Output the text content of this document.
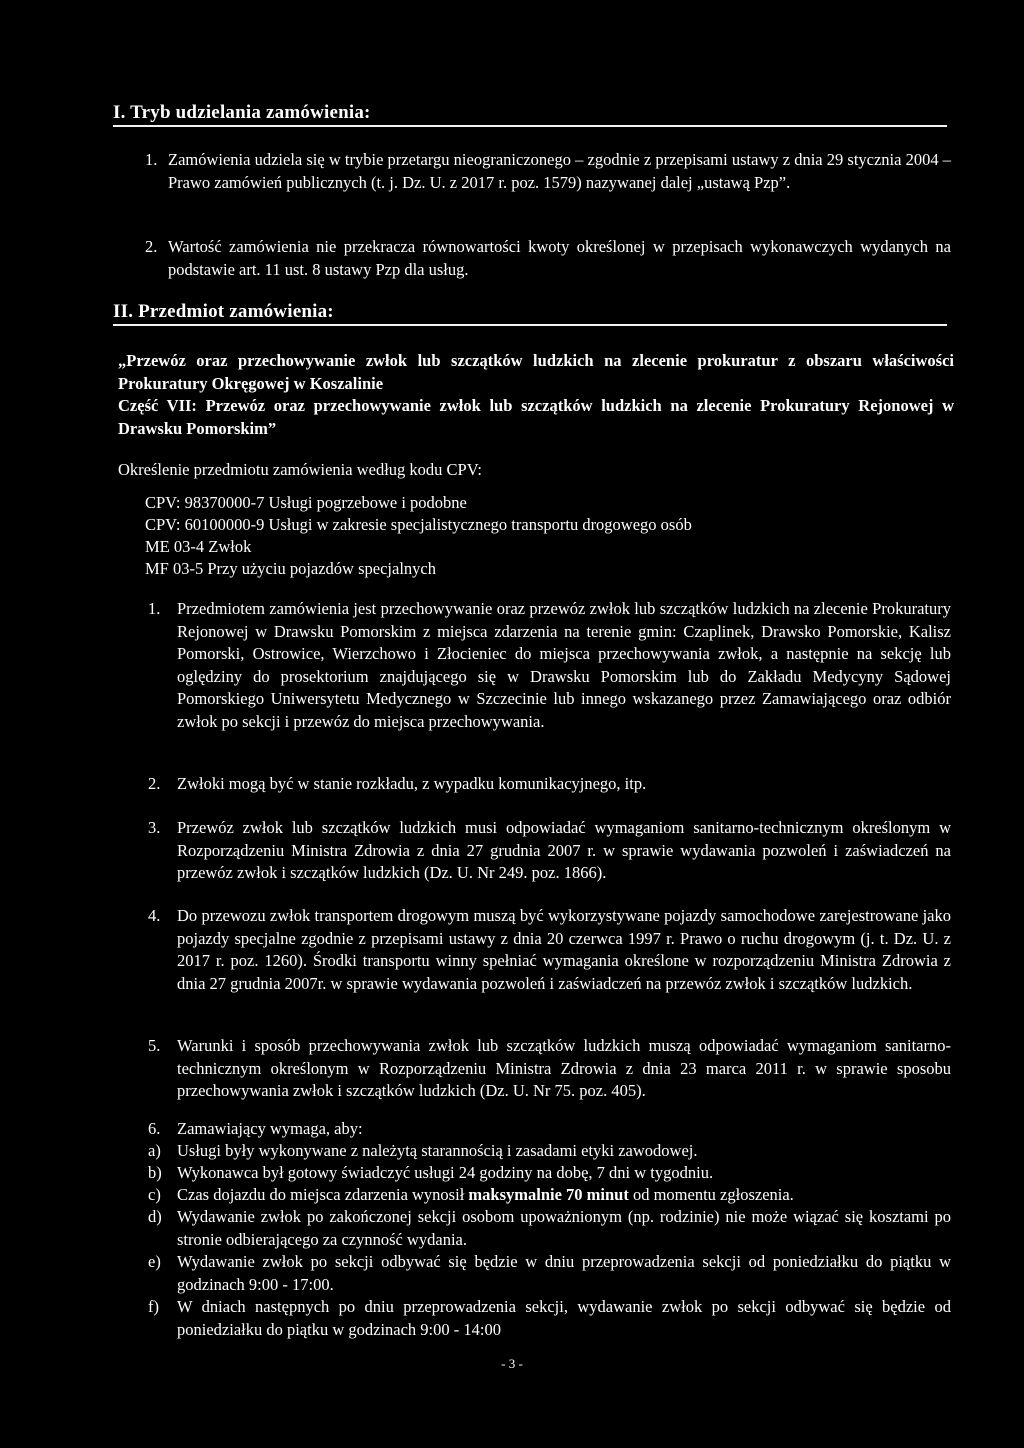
I. Tryb udzielania zamówienia:
1. Zamówienia udziela się w trybie przetargu nieograniczonego – zgodnie z przepisami ustawy z dnia 29 stycznia 2004 – Prawo zamówień publicznych (t. j. Dz. U. z 2017 r. poz. 1579) nazywanej dalej „ustawą Pzp”.
2. Wartość zamówienia nie przekracza równowartości kwoty określonej w przepisach wykonawczych wydanych na podstawie art. 11 ust. 8 ustawy Pzp dla usług.
II. Przedmiot zamówienia:
„Przewóz oraz przechowywanie zwłok lub szczątków ludzkich na zlecenie prokuratur z obszaru właściwości Prokuratury Okręgowej w Koszalinie
Część VII: Przewóz oraz przechowywanie zwłok lub szczątków ludzkich na zlecenie Prokuratury Rejonowej w Drawsku Pomorskim”
Określenie przedmiotu zamówienia według kodu CPV:
CPV: 98370000-7 Usługi pogrzebowe i podobne
CPV: 60100000-9 Usługi w zakresie specjalistycznego transportu drogowego osób
ME 03-4 Zwłok
MF 03-5 Przy użyciu pojazdów specjalnych
1. Przedmiotem zamówienia jest przechowywanie oraz przewóz zwłok lub szczątków ludzkich na zlecenie Prokuratury Rejonowej w Drawsku Pomorskim z miejsca zdarzenia na terenie gmin: Czaplinek, Drawsko Pomorskie, Kalisz Pomorski, Ostrowice, Wierzchowo i Złocieniec do miejsca przechowywania zwłok, a następnie na sekcję lub oględziny do prosektorium znajdującego się w Drawsku Pomorskim lub do Zakładu Medycyny Sądowej Pomorskiego Uniwersytetu Medycznego w Szczecinie lub innego wskazanego przez Zamawiającego oraz odbiór zwłok po sekcji i przewóz do miejsca przechowywania.
2. Zwłoki mogą być w stanie rozkładu, z wypadku komunikacyjnego, itp.
3. Przewóz zwłok lub szczątków ludzkich musi odpowiadać wymaganiom sanitarno-technicznym określonym w Rozporządzeniu Ministra Zdrowia z dnia 27 grudnia 2007 r. w sprawie wydawania pozwoleń i zaświadczeń na przewóz zwłok i szczątków ludzkich (Dz. U. Nr 249. poz. 1866).
4. Do przewozu zwłok transportem drogowym muszą być wykorzystywane pojazdy samochodowe zarejestrowane jako pojazdy specjalne zgodnie z przepisami ustawy z dnia 20 czerwca 1997 r. Prawo o ruchu drogowym (j. t. Dz. U. z 2017 r. poz. 1260). Środki transportu winny spełniać wymagania określone w rozporządzeniu Ministra Zdrowia z dnia 27 grudnia 2007r. w sprawie wydawania pozwoleń i zaświadczeń na przewóz zwłok i szczątków ludzkich.
5. Warunki i sposób przechowywania zwłok lub szczątków ludzkich muszą odpowiadać wymaganiom sanitarno-technicznym określonym w Rozporządzeniu Ministra Zdrowia z dnia 23 marca 2011 r. w sprawie sposobu przechowywania zwłok i szczątków ludzkich (Dz. U. Nr 75. poz. 405).
6. Zamawiający wymaga, aby:
a) Usługi były wykonywane z należytą starannością i zasadami etyki zawodowej.
b) Wykonawca był gotowy świadczyć usługi 24 godziny na dobę, 7 dni w tygodniu.
c) Czas dojazdu do miejsca zdarzenia wynosił maksymalnie 70 minut od momentu zgłoszenia.
d) Wydawanie zwłok po zakończonej sekcji osobom upoważnionym (np. rodzinie) nie może wiązać się kosztami po stronie odbierającego za czynność wydania.
e) Wydawanie zwłok po sekcji odbywać się będzie w dniu przeprowadzenia sekcji od poniedziałku do piątku w godzinach 9:00 - 17:00.
f) W dniach następnych po dniu przeprowadzenia sekcji, wydawanie zwłok po sekcji odbywać się będzie od poniedziałku do piątku w godzinach 9:00 - 14:00
- 3 -
